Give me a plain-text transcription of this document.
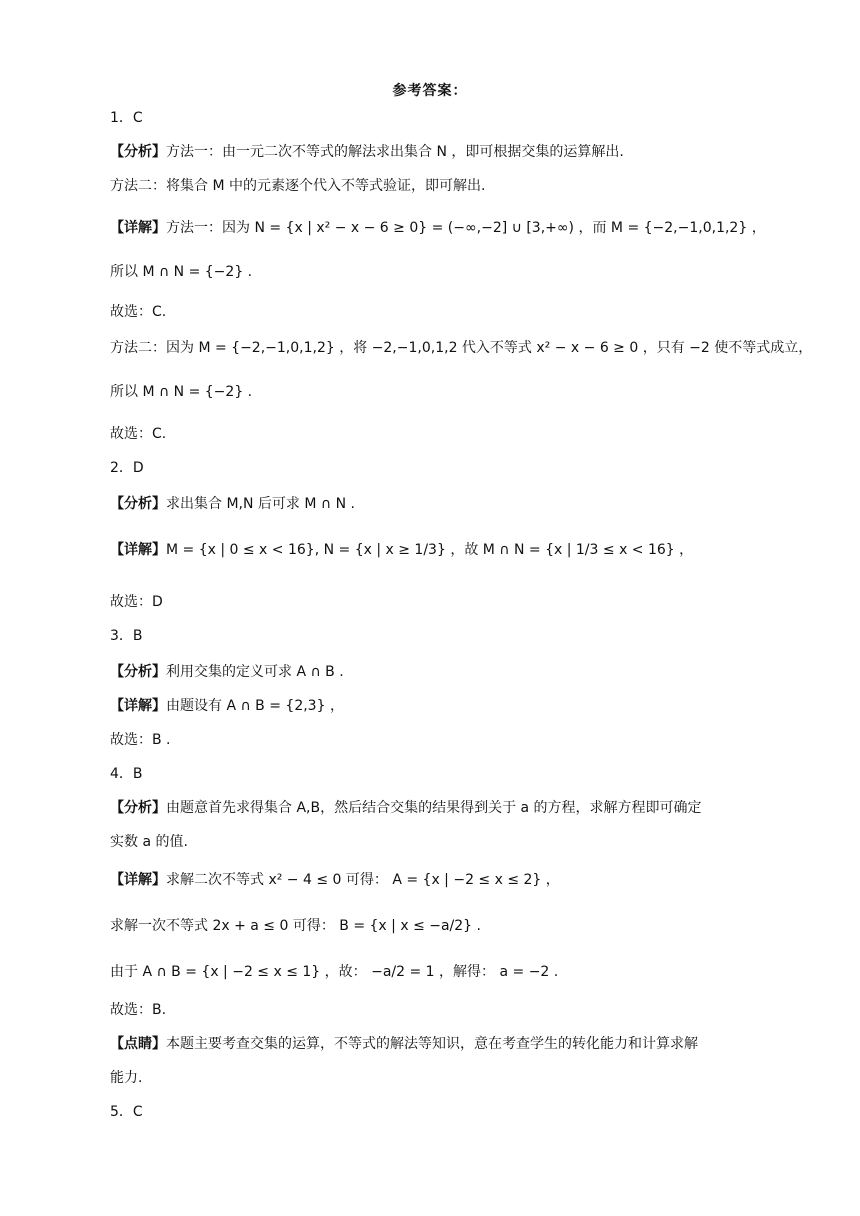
参考答案：
1．C
【分析】方法一：由一元二次不等式的解法求出集合 N ，即可根据交集的运算解出.
方法二：将集合 M 中的元素逐个代入不等式验证，即可解出.
【详解】方法一：因为 N = {x | x² − x − 6 ≥ 0} = (−∞,−2] ∪ [3,+∞) ，而 M = {−2,−1,0,1,2} ，
所以 M ∩ N = {−2} .
故选：C.
方法二：因为 M = {−2,−1,0,1,2} ，将 −2,−1,0,1,2 代入不等式 x² − x − 6 ≥ 0 ，只有 −2 使不等式成立，
所以 M ∩ N = {−2} .
故选：C.
2．D
【分析】求出集合 M,N 后可求 M ∩ N .
【详解】M = {x | 0 ≤ x < 16}, N = {x | x ≥ 1/3} ，故 M ∩ N = {x | 1/3 ≤ x < 16} ，
故选：D
3．B
【分析】利用交集的定义可求 A ∩ B .
【详解】由题设有 A ∩ B = {2,3} ，
故选：B .
4．B
【分析】由题意首先求得集合 A,B，然后结合交集的结果得到关于 a 的方程，求解方程即可确定
实数 a 的值.
【详解】求解二次不等式 x² − 4 ≤ 0 可得： A = {x | −2 ≤ x ≤ 2} ，
求解一次不等式 2x + a ≤ 0 可得： B = {x | x ≤ −a/2} .
由于 A ∩ B = {x | −2 ≤ x ≤ 1} ，故： −a/2 = 1 ，解得： a = −2 .
故选：B.
【点睛】本题主要考查交集的运算，不等式的解法等知识，意在考查学生的转化能力和计算求解
能力.
5．C
